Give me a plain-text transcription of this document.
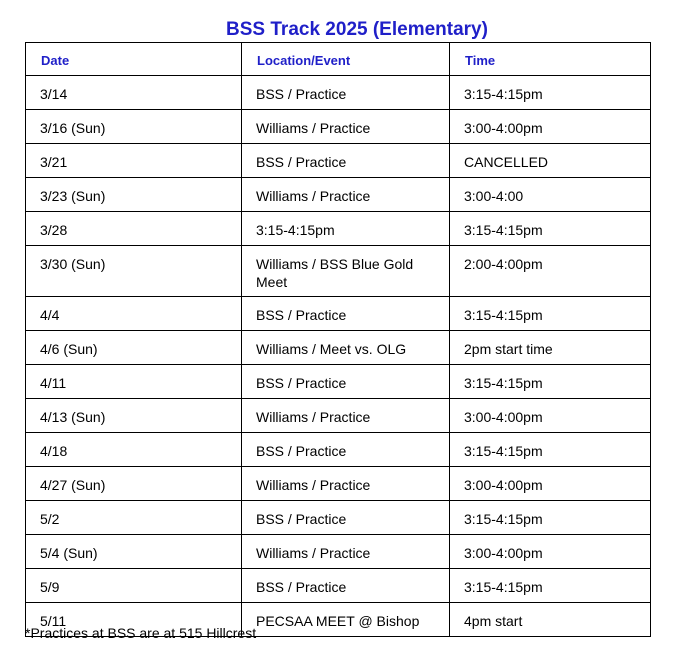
BSS Track 2025 (Elementary)
Date	Location/Event	Time
3/14	BSS / Practice	3:15-4:15pm
3/16 (Sun)	Williams / Practice	3:00-4:00pm
3/21	BSS / Practice	CANCELLED
3/23 (Sun)	Williams / Practice	3:00-4:00
3/28	3:15-4:15pm	3:15-4:15pm
3/30 (Sun)	Williams / BSS Blue Gold Meet	2:00-4:00pm
4/4	BSS / Practice	3:15-4:15pm
4/6 (Sun)	Williams / Meet vs. OLG	2pm start time
4/11	BSS / Practice	3:15-4:15pm
4/13 (Sun)	Williams / Practice	3:00-4:00pm
4/18	BSS / Practice	3:15-4:15pm
4/27 (Sun)	Williams / Practice	3:00-4:00pm
5/2	BSS / Practice	3:15-4:15pm
5/4 (Sun)	Williams / Practice	3:00-4:00pm
5/9	BSS / Practice	3:15-4:15pm
5/11	PECSAA MEET @ Bishop	4pm start
*Practices at BSS are at 515 Hillcrest
